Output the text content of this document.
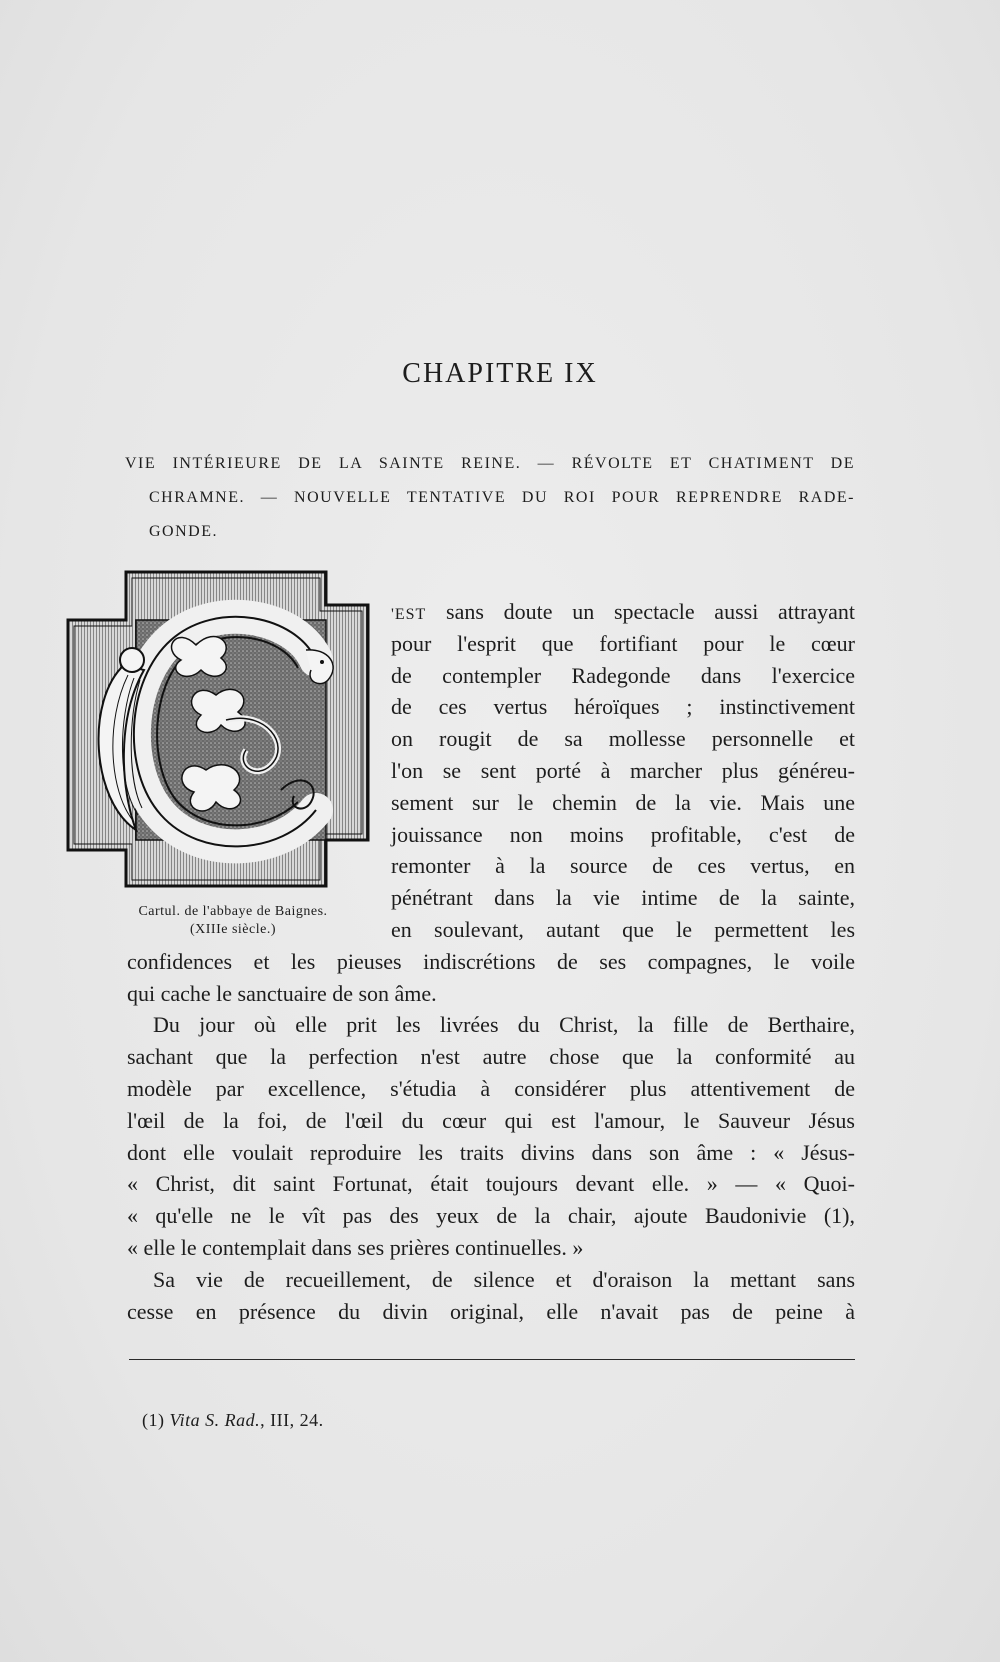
CHAPITRE IX
VIE INTÉRIEURE DE LA SAINTE REINE. — RÉVOLTE ET CHATIMENT DE
CHRAMNE. — NOUVELLE TENTATIVE DU ROI POUR REPRENDRE RADE-
GONDE.
Cartul. de l'abbaye de Baignes.
(XIIIe siècle.)
'EST sans doute un spectacle aussi attrayant
pour l'esprit que fortifiant pour le cœur
de contempler Radegonde dans l'exercice
de ces vertus héroïques ; instinctivement
on rougit de sa mollesse personnelle et
l'on se sent porté à marcher plus généreu-
sement sur le chemin de la vie. Mais une
jouissance non moins profitable, c'est de
remonter à la source de ces vertus, en
pénétrant dans la vie intime de la sainte,
en soulevant, autant que le permettent les
confidences et les pieuses indiscrétions de ses compagnes, le voile
qui cache le sanctuaire de son âme.
Du jour où elle prit les livrées du Christ, la fille de Berthaire,
sachant que la perfection n'est autre chose que la conformité au
modèle par excellence, s'étudia à considérer plus attentivement de
l'œil de la foi, de l'œil du cœur qui est l'amour, le Sauveur Jésus
dont elle voulait reproduire les traits divins dans son âme : « Jésus-
« Christ, dit saint Fortunat, était toujours devant elle. » — « Quoi-
« qu'elle ne le vît pas des yeux de la chair, ajoute Baudonivie (1),
« elle le contemplait dans ses prières continuelles. »
Sa vie de recueillement, de silence et d'oraison la mettant sans
cesse en présence du divin original, elle n'avait pas de peine à
(1) Vita S. Rad., III, 24.
